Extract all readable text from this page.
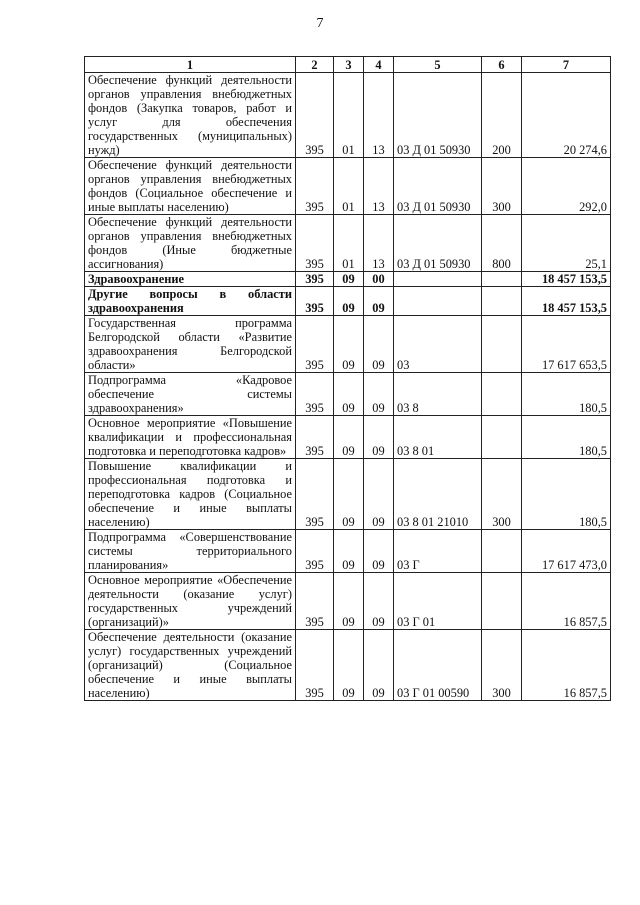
7
1	2	3	4	5	6	7
Обеспечение функций деятельности органов управления внебюджетных фондов (Закупка товаров, работ и услуг для обеспечения государственных (муниципальных) нужд)	395	01	13	03 Д 01 50930	200	20 274,6
Обеспечение функций деятельности органов управления внебюджетных фондов (Социальное обеспечение и иные выплаты населению)	395	01	13	03 Д 01 50930	300	292,0
Обеспечение функций деятельности органов управления внебюджетных фондов (Иные бюджетные ассигнования)	395	01	13	03 Д 01 50930	800	25,1
Здравоохранение	395	09	00			18 457 153,5
Другие вопросы в области здравоохранения	395	09	09			18 457 153,5
Государственная программа Белгородской области «Развитие здравоохранения Белгородской области»	395	09	09	03		17 617 653,5
Подпрограмма «Кадровое обеспечение системы здравоохранения»	395	09	09	03 8		180,5
Основное мероприятие «Повышение квалификации и профессиональная подготовка и переподготовка кадров»	395	09	09	03 8 01		180,5
Повышение квалификации и профессиональная подготовка и переподготовка кадров (Социальное обеспечение и иные выплаты населению)	395	09	09	03 8 01 21010	300	180,5
Подпрограмма «Совершенствование системы территориального планирования»	395	09	09	03 Г		17 617 473,0
Основное мероприятие «Обеспечение деятельности (оказание услуг) государственных учреждений (организаций)»	395	09	09	03 Г 01		16 857,5
Обеспечение деятельности (оказание услуг) государственных учреждений (организаций) (Социальное обеспечение и иные выплаты населению)	395	09	09	03 Г 01 00590	300	16 857,5
